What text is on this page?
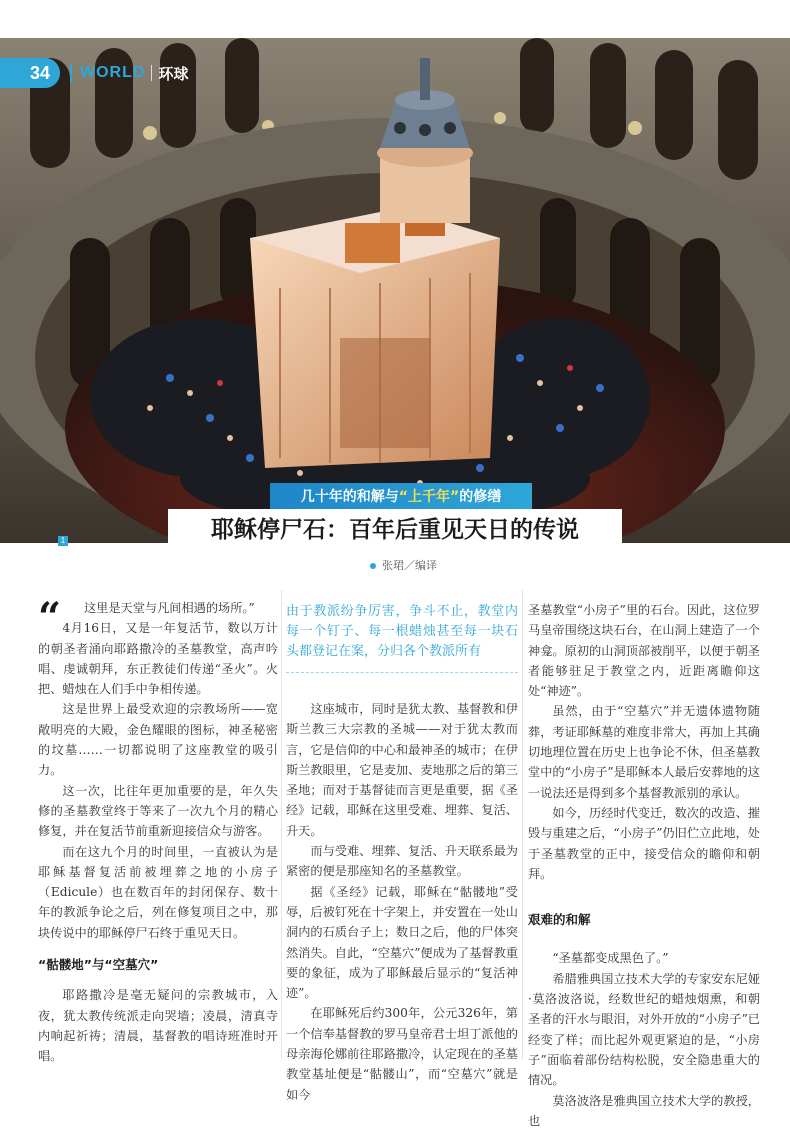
34	WORLD 环球
几十年的和解与 “上千年” 的修缮
耶稣停尸石：百年后重见天日的传说
1
张珺／编译
“	这里是天堂与凡间相遇的场所。”

4月16日，又是一年复活节，数以万计的朝圣者涌向耶路撒冷的圣墓教堂，高声吟唱、虔诚朝拜，东正教徒们传递“圣火”。火把、蜡烛在人们手中争相传递。

这是世界上最受欢迎的宗教场所——宽敞明亮的大殿，金色耀眼的图标，神圣秘密的坟墓……一切都说明了这座教堂的吸引力。

这一次，比往年更加重要的是，年久失修的圣墓教堂终于等来了一次九个月的精心修复，并在复活节前重新迎接信众与游客。

而在这九个月的时间里，一直被认为是耶稣基督复活前被埋葬之地的小房子（Edicule）也在数百年的封闭保存、数十年的教派争论之后，列在修复项目之中，那块传说中的耶稣停尸石终于重见天日。

“骷髅地”与“空墓穴”

耶路撒冷是毫无疑问的宗教城市，入夜，犹太教传统派走向哭墙；凌晨，清真寺内响起祈祷；清晨，基督教的唱诗班准时开唱。

由于教派纷争厉害，争斗不止，教堂内每一个钉子、每一根蜡烛甚至每一块石头都登记在案，分归各个教派所有

这座城市，同时是犹太教、基督教和伊斯兰教三大宗教的圣城——对于犹太教而言，它是信仰的中心和最神圣的城市；在伊斯兰教眼里，它是麦加、麦地那之后的第三圣地；而对于基督徒而言更是重要，据《圣经》记载，耶稣在这里受难、埋葬、复活、升天。

而与受难、埋葬、复活、升天联系最为紧密的便是那座知名的圣墓教堂。

据《圣经》记载，耶稣在“骷髅地”受辱，后被钉死在十字架上，并安置在一处山洞内的石质台子上；数日之后，他的尸体突然消失。自此，“空墓穴”便成为了基督教重要的象征，成为了耶稣最后显示的“复活神迹”。

在耶稣死后约300年，公元326年，第一个信奉基督教的罗马皇帝君士坦丁派他的母亲海伦娜前往耶路撒冷，认定现在的圣墓教堂基址便是“骷髅山”，而“空墓穴”就是如今

圣墓教堂“小房子”里的石台。因此，这位罗马皇帝围绕这块石台，在山洞上建造了一个神龛。原初的山洞顶部被削平，以便于朝圣者能够驻足于教堂之内，近距离瞻仰这处“神迹”。

虽然，由于“空墓穴”并无遗体遗物随葬，考证耶稣墓的难度非常大，再加上其确切地理位置在历史上也争论不休，但圣墓教堂中的“小房子”是耶稣本人最后安葬地的这一说法还是得到多个基督教派别的承认。

如今，历经时代变迁，数次的改造、摧毁与重建之后，“小房子”仍旧伫立此地，处于圣墓教堂的正中，接受信众的瞻仰和朝拜。

艰难的和解

“圣墓都变成黑色了。”

希腊雅典国立技术大学的专家安东尼娅·莫洛波洛说，经数世纪的蜡烛烟熏，和朝圣者的汗水与眼泪，对外开放的“小房子”已经变了样；而比起外观更紧迫的是，“小房子”面临着部份结构松脱，安全隐患重大的情况。

莫洛波洛是雅典国立技术大学的教授，也
